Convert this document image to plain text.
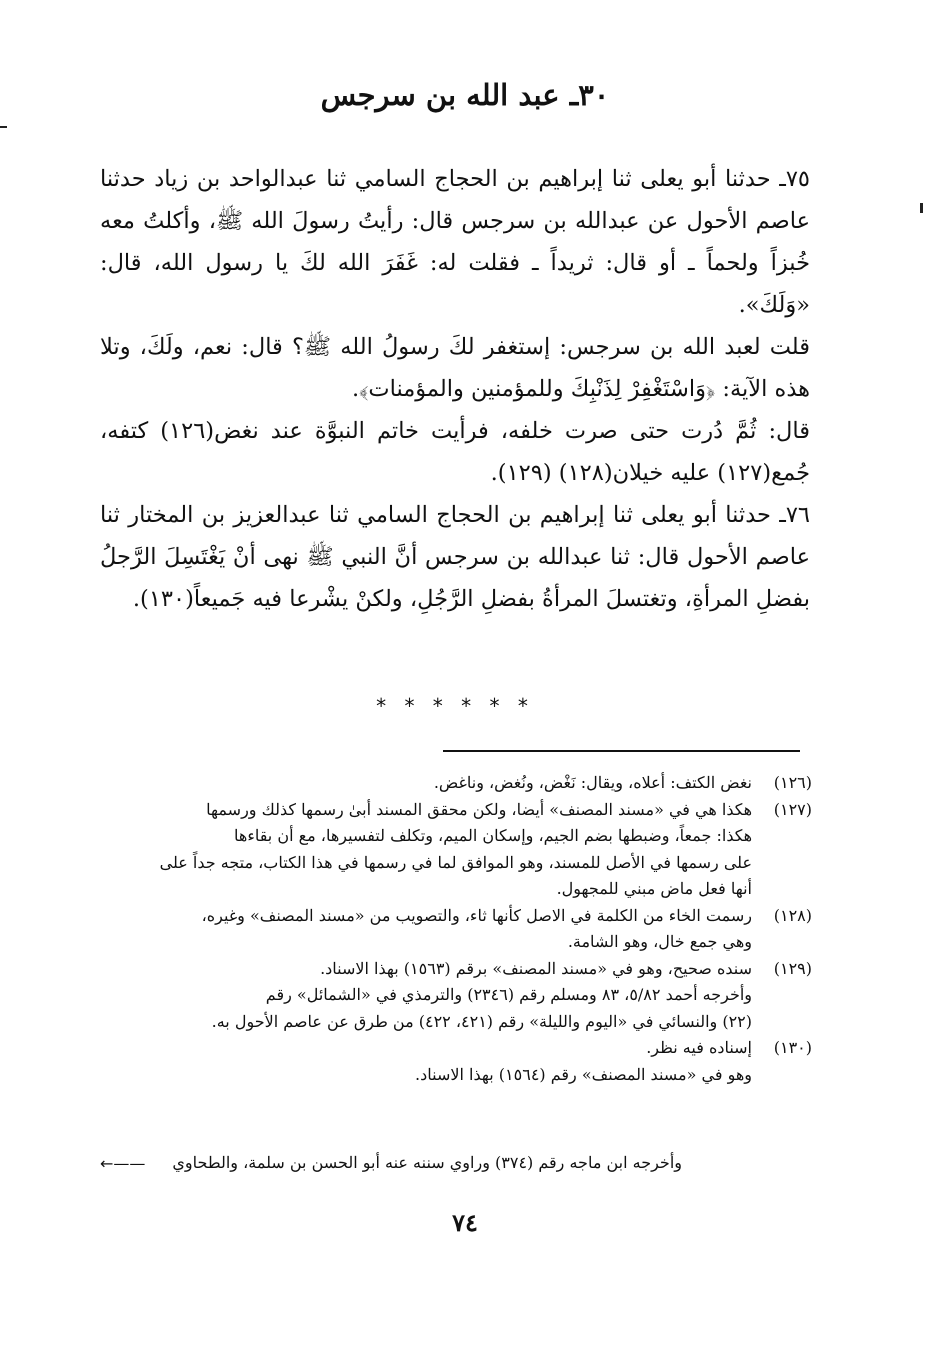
٣٠ـ عبد الله بن سرجس

٧٥ـ حدثنا أبو يعلى ثنا إبراهيم بن الحجاج السامي ثنا عبدالواحد بن زياد حدثنا عاصم الأحول عن عبدالله بن سرجس قال: رأيتُ رسولَ الله ﷺ، وأكلتُ معه خُبزاً ولحماً ـ أو قال: ثريداً ـ فقلت له: غَفَرَ الله لكَ يا رسول الله، قال: «وَلَكَ».

قلت لعبد الله بن سرجس: إستغفر لكَ رسولُ الله ﷺ؟ قال: نعم، ولَكَ، وتلا هذه الآية: ﴿وَاسْتَغْفِرْ لِذَنْبِكَ وللمؤمنين والمؤمنات﴾.

قال: ثُمَّ دُرت حتى صرت خلفه، فرأيت خاتم النبوَّة عند نغض(١٢٦) كتفه، جُمع(١٢٧) عليه خيلان(١٢٨) (١٢٩).

٧٦ـ حدثنا أبو يعلى ثنا إبراهيم بن الحجاج السامي ثنا عبدالعزيز بن المختار ثنا عاصم الأحول قال: ثنا عبدالله بن سرجس أنَّ النبي ﷺ نهى أنْ يَغْتَسِلَ الرَّجلُ بفضلِ المرأةِ، وتغتسلَ المرأةُ بفضلِ الرَّجُلِ، ولكنْ يشْرعا فيه جَميعاً(١٣٠).

* * * * * *
(١٢٦)
نغض الكتف: أعلاه، ويقال: نَغْض، ونُغض، وناغض.
(١٢٧)
هكذا هي في «مسند المصنف» أيضا، ولكن محقق المسند أبىٰ رسمها كذلك ورسمها
هكذا: جمعاً، وضبطها بضم الجيم، وإسكان الميم، وتكلف لتفسيرها، مع أن بقاءها
على رسمها في الأصل للمسند، وهو الموافق لما في رسمها في هذا الكتاب، متجه جداً على
أنها فعل ماض مبني للمجهول.
(١٢٨)
رسمت الخاء من الكلمة في الاصل كأنها ثاء، والتصويب من «مسند المصنف» وغيره،
وهي جمع خال، وهو الشامة.
(١٢٩)
سنده صحيح، وهو في «مسند المصنف» برقم (١٥٦٣) بهذا الاسناد.
وأخرجه أحمد ٥/٨٢، ٨٣ ومسلم رقم (٢٣٤٦) والترمذي في «الشمائل» رقم
(٢٢) والنسائي في «اليوم والليلة» رقم (٤٢١، ٤٢٢) من طرق عن عاصم الأحول به.
(١٣٠)
إسناده فيه نظر.
وهو في «مسند المصنف» رقم (١٥٦٤) بهذا الاسناد.
وأخرجه ابن ماجه رقم (٣٧٤) وراوي سننه عنه أبو الحسن بن سلمة، والطحاوي
←——
٧٤
